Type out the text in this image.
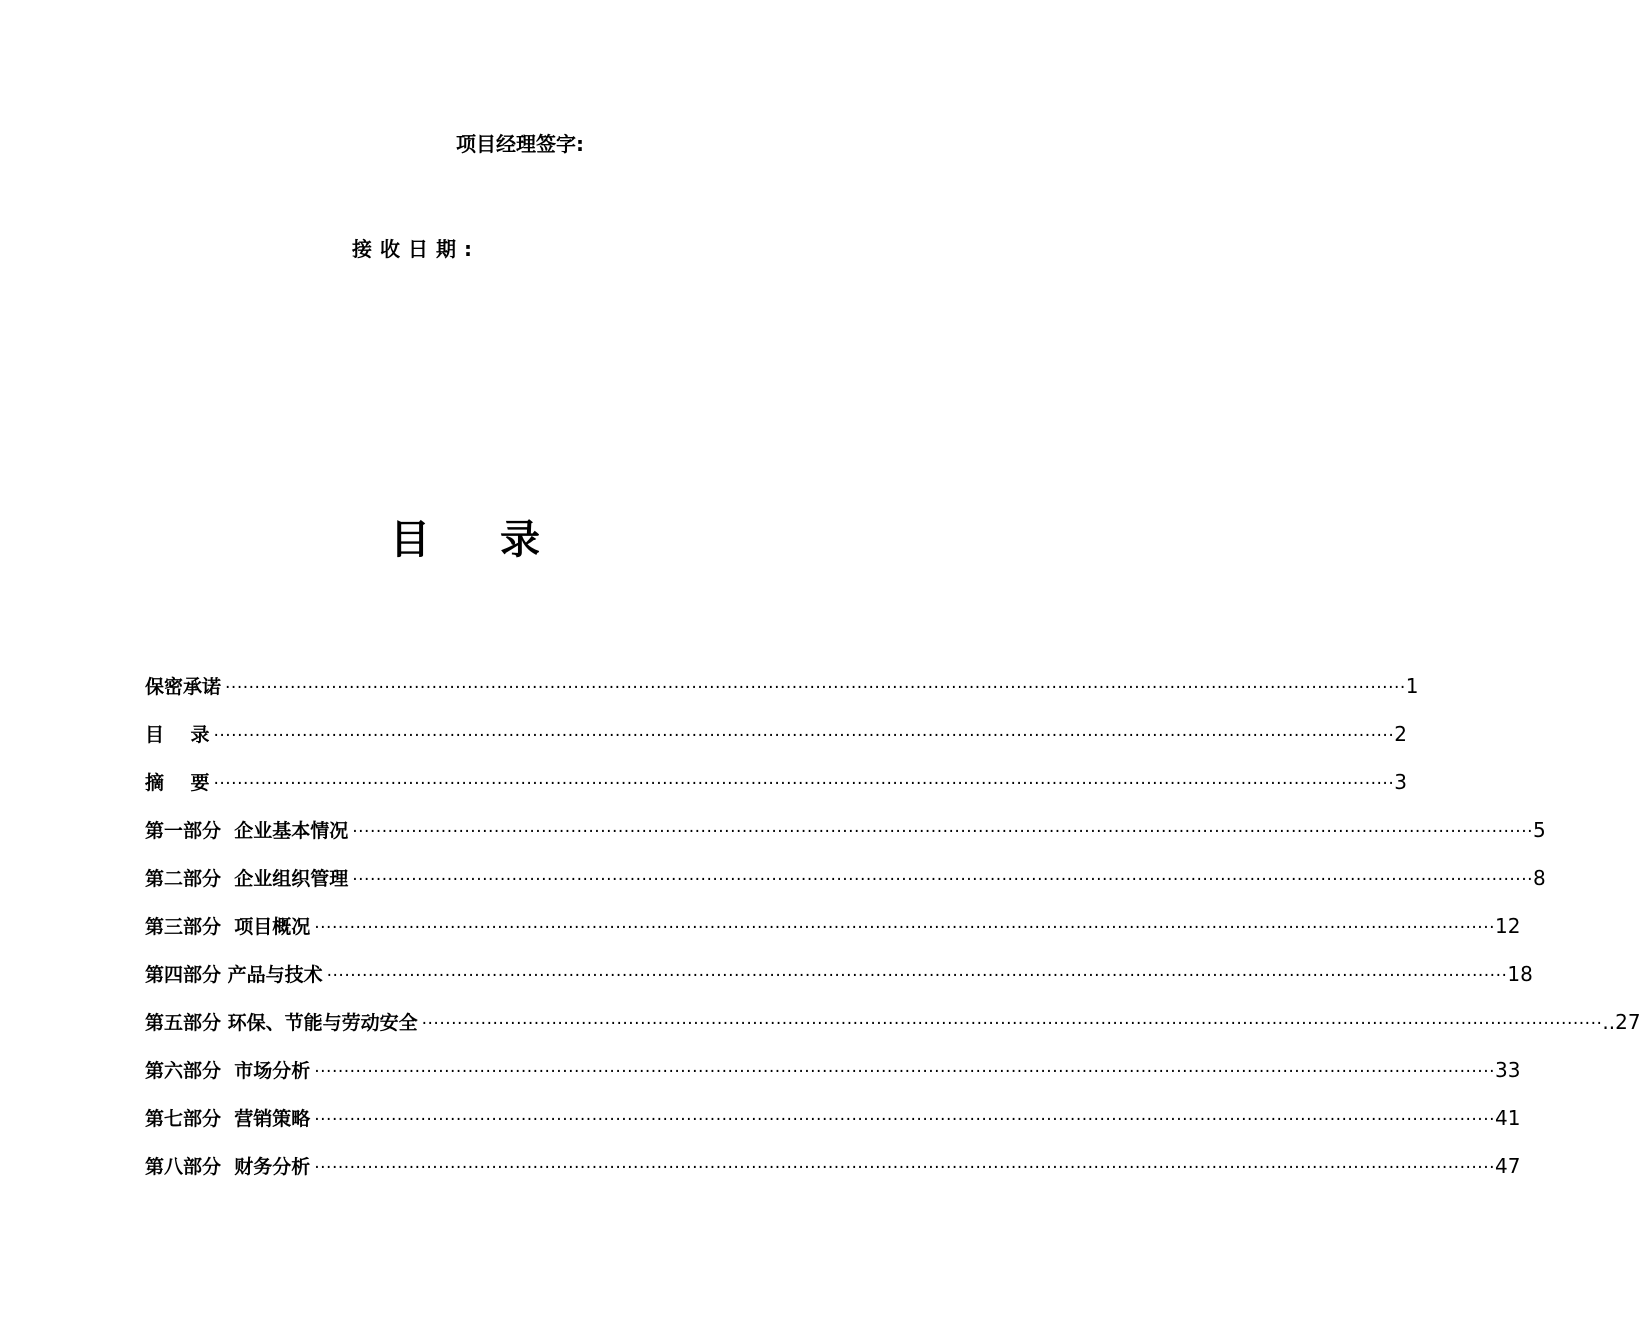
项目经理签字:
接收日期:
目 录
保密承诺 ········································································································································································································ 1
目    录 ········································································································································································································ 2
摘    要 ········································································································································································································ 3
第一部分  企业基本情况 ········································································································································································································ 5
第二部分  企业组织管理 ········································································································································································································ 8
第三部分  项目概况 ········································································································································································································ 12
第四部分 产品与技术 ········································································································································································································ 18
第五部分 环保、节能与劳动安全 ········································································································································································································ ..27
第六部分  市场分析 ········································································································································································································ 33
第七部分  营销策略 ········································································································································································································ 41
第八部分  财务分析 ········································································································································································································ 47
